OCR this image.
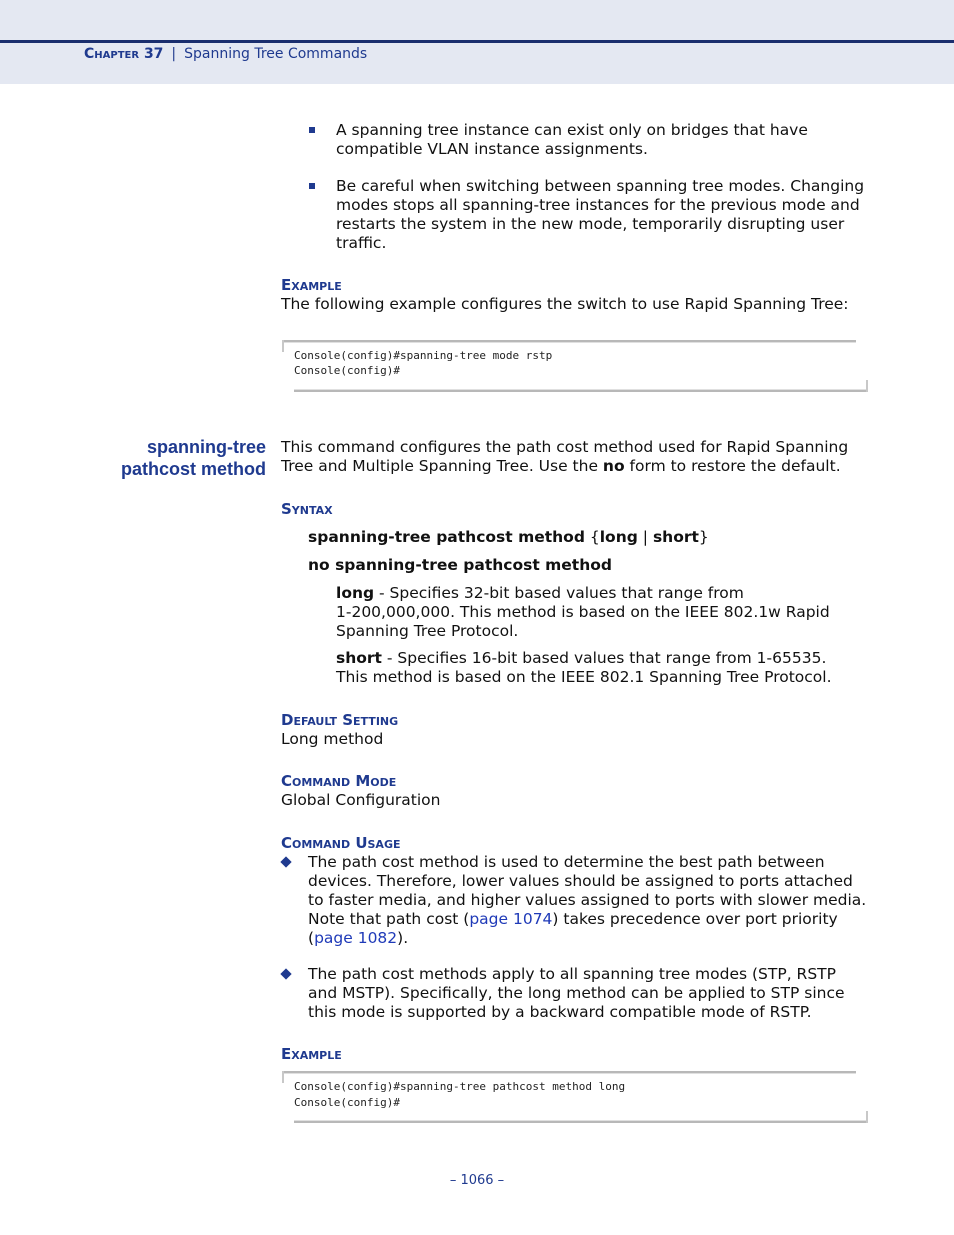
Chapter 37 | Spanning Tree Commands
A spanning tree instance can exist only on bridges that have
compatible VLAN instance assignments.
Be careful when switching between spanning tree modes. Changing
modes stops all spanning-tree instances for the previous mode and
restarts the system in the new mode, temporarily disrupting user
traffic.
Example
The following example configures the switch to use Rapid Spanning Tree:
Console(config)#spanning-tree mode rstp
Console(config)#
spanning-tree
pathcost method
This command configures the path cost method used for Rapid Spanning
Tree and Multiple Spanning Tree. Use the no form to restore the default.
Syntax
spanning-tree pathcost method {long | short}
no spanning-tree pathcost method
long - Specifies 32-bit based values that range from
1-200,000,000. This method is based on the IEEE 802.1w Rapid
Spanning Tree Protocol.
short - Specifies 16-bit based values that range from 1-65535.
This method is based on the IEEE 802.1 Spanning Tree Protocol.
Default Setting
Long method
Command Mode
Global Configuration
Command Usage
The path cost method is used to determine the best path between
devices. Therefore, lower values should be assigned to ports attached
to faster media, and higher values assigned to ports with slower media.
Note that path cost (page 1074) takes precedence over port priority
(page 1082).
The path cost methods apply to all spanning tree modes (STP, RSTP
and MSTP). Specifically, the long method can be applied to STP since
this mode is supported by a backward compatible mode of RSTP.
Example
Console(config)#spanning-tree pathcost method long
Console(config)#
– 1066 –
